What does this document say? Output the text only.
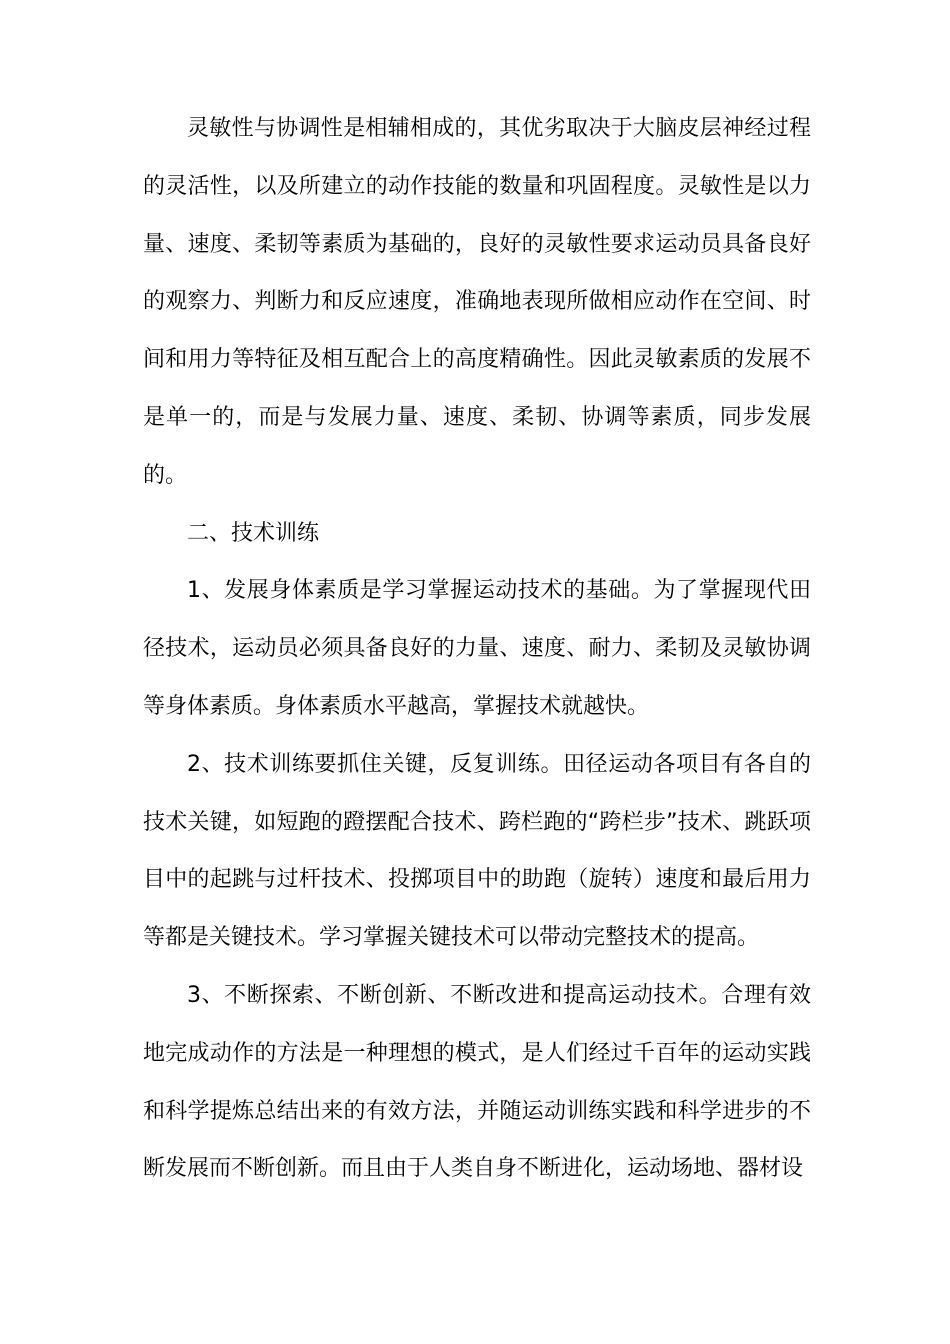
灵敏性与协调性是相辅相成的，其优劣取决于大脑皮层神经过程的灵活性，以及所建立的动作技能的数量和巩固程度。灵敏性是以力量、速度、柔韧等素质为基础的，良好的灵敏性要求运动员具备良好的观察力、判断力和反应速度，准确地表现所做相应动作在空间、时间和用力等特征及相互配合上的高度精确性。因此灵敏素质的发展不是单一的，而是与发展力量、速度、柔韧、协调等素质，同步发展的。

二、技术训练

1、发展身体素质是学习掌握运动技术的基础。为了掌握现代田径技术，运动员必须具备良好的力量、速度、耐力、柔韧及灵敏协调等身体素质。身体素质水平越高，掌握技术就越快。

2、技术训练要抓住关键，反复训练。田径运动各项目有各自的技术关键，如短跑的蹬摆配合技术、跨栏跑的“跨栏步”技术、跳跃项目中的起跳与过杆技术、投掷项目中的助跑（旋转）速度和最后用力等都是关键技术。学习掌握关键技术可以带动完整技术的提高。

3、不断探索、不断创新、不断改进和提高运动技术。合理有效地完成动作的方法是一种理想的模式，是人们经过千百年的运动实践和科学提炼总结出来的有效方法，并随运动训练实践和科学进步的不断发展而不断创新。而且由于人类自身不断进化，运动场地、器材设
